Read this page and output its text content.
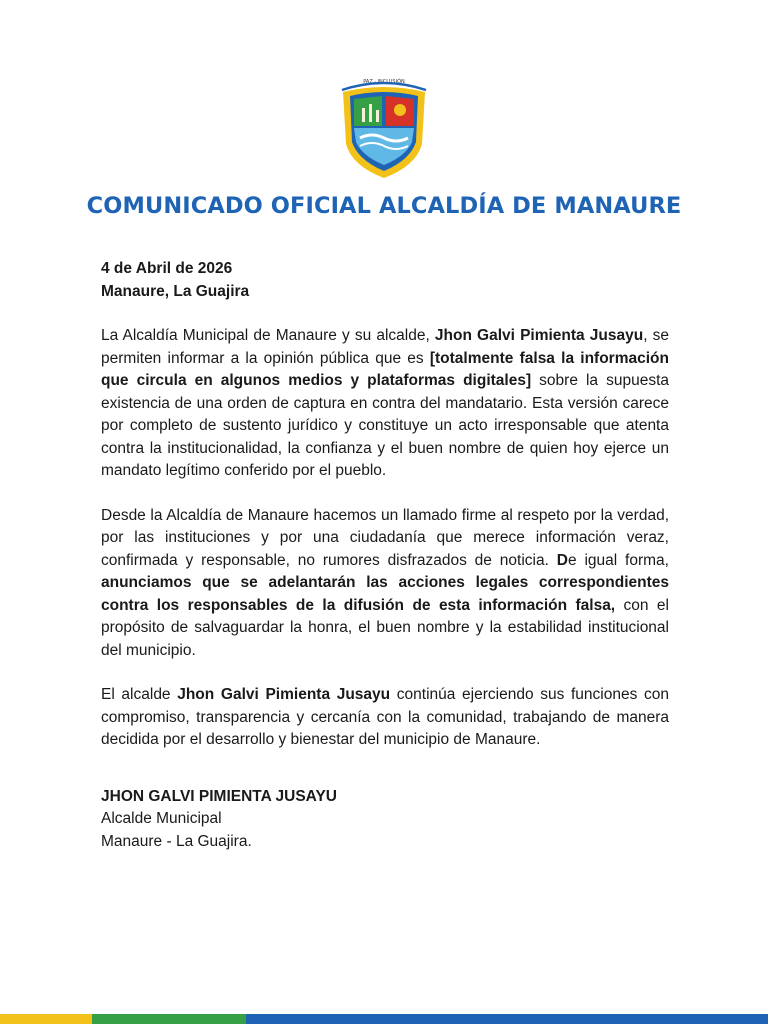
PAZ · INCLUSIÓN
COMUNICADO OFICIAL ALCALDÍA DE MANAURE
4 de Abril de 2026
Manaure, La Guajira

La Alcaldía Municipal de Manaure y su alcalde, Jhon Galvi Pimienta Jusayu, se permiten informar a la opinión pública que es [totalmente falsa la información que circula en algunos medios y plataformas digitales] sobre la supuesta existencia de una orden de captura en contra del mandatario. Esta versión carece por completo de sustento jurídico y constituye un acto irresponsable que atenta contra la institucionalidad, la confianza y el buen nombre de quien hoy ejerce un mandato legítimo conferido por el pueblo.

Desde la Alcaldía de Manaure hacemos un llamado firme al respeto por la verdad, por las instituciones y por una ciudadanía que merece información veraz, confirmada y responsable, no rumores disfrazados de noticia. De igual forma, anunciamos que se adelantarán las acciones legales correspondientes contra los responsables de la difusión de esta información falsa, con el propósito de salvaguardar la honra, el buen nombre y la estabilidad institucional del municipio.

El alcalde Jhon Galvi Pimienta Jusayu continúa ejerciendo sus funciones con compromiso, transparencia y cercanía con la comunidad, trabajando de manera decidida por el desarrollo y bienestar del municipio de Manaure.

JHON GALVI PIMIENTA JUSAYU
Alcalde Municipal
Manaure - La Guajira.
